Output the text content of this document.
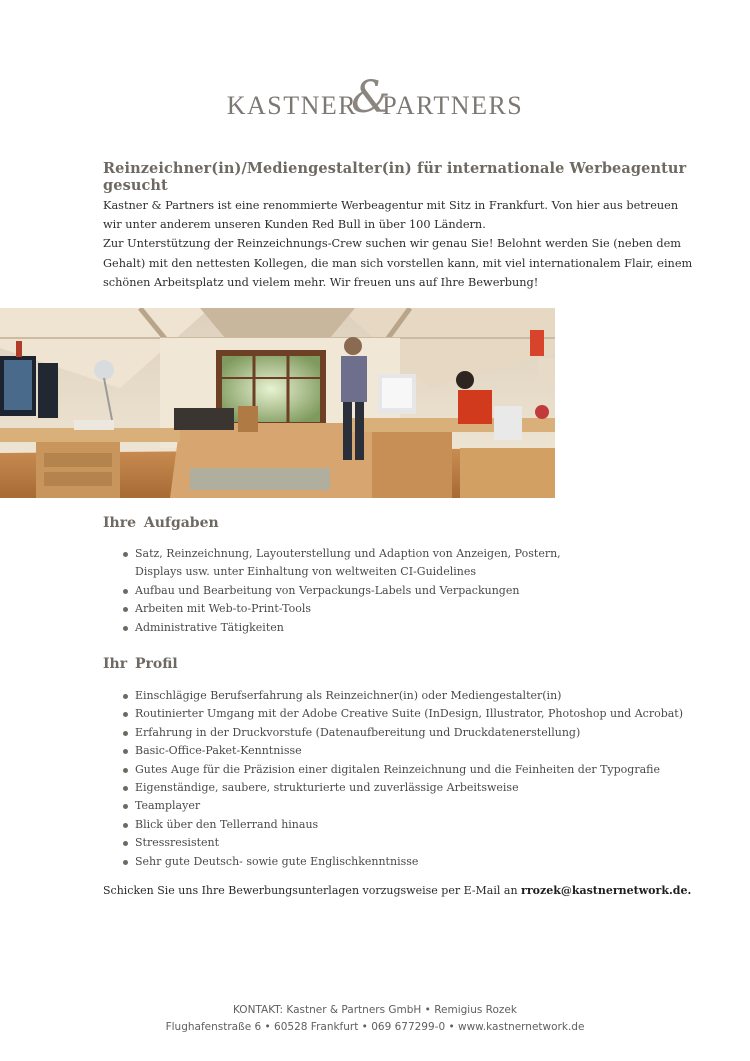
KASTNER&PARTNERS
Reinzeichner(in)/Mediengestalter(in) für internationale Werbeagentur gesucht
Kastner & Partners ist eine renommierte Werbeagentur mit Sitz in Frankfurt. Von hier aus betreuen wir unter anderem unseren Kunden Red Bull in über 100 Ländern.
Zur Unterstützung der Reinzeichnungs-Crew suchen wir genau Sie! Belohnt werden Sie (neben dem Gehalt) mit den nettesten Kollegen, die man sich vorstellen kann, mit viel internationalem Flair, einem schönen Arbeitsplatz und vielem mehr. Wir freuen uns auf Ihre Bewerbung!
Ihre Aufgaben
Satz, Reinzeichnung, Layouterstellung und Adaption von Anzeigen, Postern,
Displays usw. unter Einhaltung von weltweiten CI-Guidelines
Aufbau und Bearbeitung von Verpackungs-Labels und Verpackungen
Arbeiten mit Web-to-Print-Tools
Administrative Tätigkeiten
Ihr Profil
Einschlägige Berufserfahrung als Reinzeichner(in) oder Mediengestalter(in)
Routinierter Umgang mit der Adobe Creative Suite (InDesign, Illustrator, Photoshop und Acrobat)
Erfahrung in der Druckvorstufe (Datenaufbereitung und Druckdatenerstellung)
Basic-Office-Paket-Kenntnisse
Gutes Auge für die Präzision einer digitalen Reinzeichnung und die Feinheiten der Typografie
Eigenständige, saubere, strukturierte und zuverlässige Arbeitsweise
Teamplayer
Blick über den Tellerrand hinaus
Stressresistent
Sehr gute Deutsch- sowie gute Englischkenntnisse

Schicken Sie uns Ihre Bewerbungsunterlagen vorzugsweise per E-Mail an rrozek@kastnernetwork.de.

KONTAKT: Kastner & Partners GmbH • Remigius Rozek
Flughafenstraße 6 • 60528 Frankfurt • 069 677299-0 • www.kastnernetwork.de
